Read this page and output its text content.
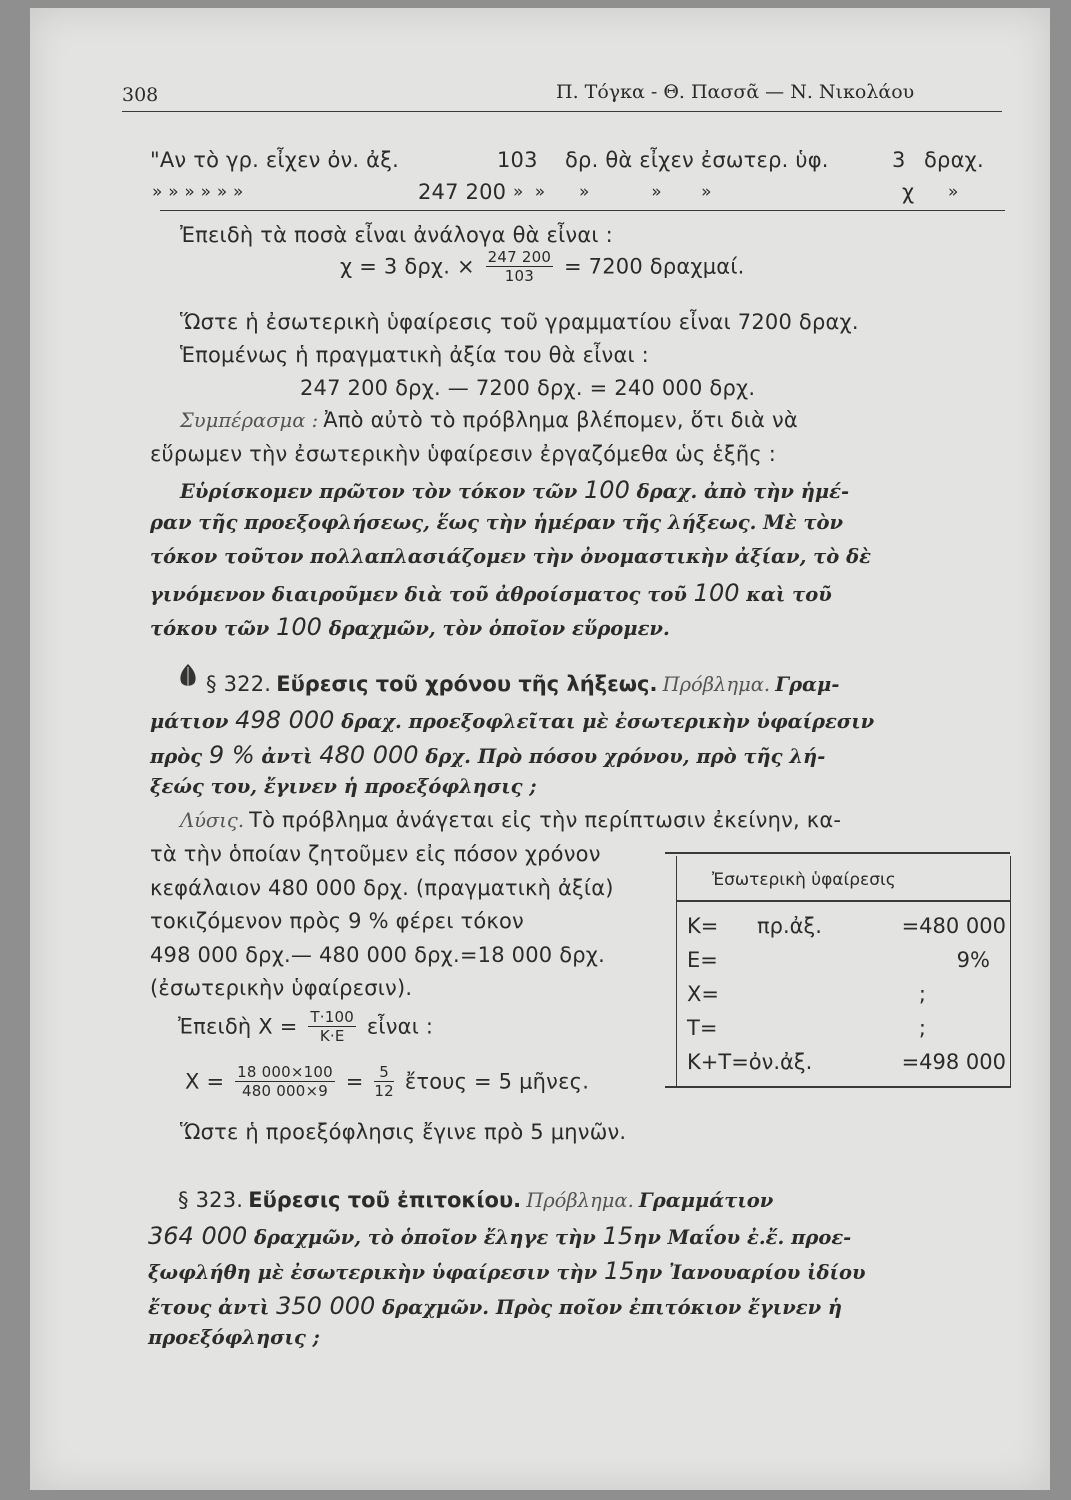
308	Π. Τόγκα - Θ. Πασσᾶ — Ν. Νικολάου
"Αν τὸ γρ. εἶχεν ὀν. ἀξ.	103 δρ. θὰ εἶχεν ἐσωτερ. ὑφ.	3 δραχ.
» » » » » »	247 200 »  »      »           »       »	χ »
Ἐπειδὴ τὰ ποσὰ εἶναι ἀνάλογα θὰ εἶναι :
χ = 3 δρχ. × $\frac{247 200}{103} = 7200$ δραχμαί.
Ὥστε ἡ ἐσωτερικὴ ὑφαίρεσις τοῦ γραμματίου εἶναι 7200 δραχ.
Ἑπομένως ἡ πραγματικὴ ἀξία του θὰ εἶναι :
247 200 δρχ. — 7200 δρχ. = 240 000 δρχ.
Συμπέρασμα : Ἀπὸ αὐτὸ τὸ πρόβλημα βλέπομεν, ὅτι διὰ νὰ
εὕρωμεν τὴν ἐσωτερικὴν ὑφαίρεσιν ἐργαζόμεθα ὡς ἑξῆς :
Εὑρίσκομεν πρῶτον τὸν τόκον τῶν 100 δραχ. ἀπὸ τὴν ἡμέ-
ραν τῆς προεξοφλήσεως, ἕως τὴν ἡμέραν τῆς λήξεως. Μὲ τὸν
τόκον τοῦτον πολλαπλασιάζομεν τὴν ὀνομαστικὴν ἀξίαν, τὸ δὲ
γινόμενον διαιροῦμεν διὰ τοῦ ἀθροίσματος τοῦ 100 καὶ τοῦ
τόκου τῶν 100 δραχμῶν, τὸν ὁποῖον εὕρομεν.
§ 322. Εὕρεσις τοῦ χρόνου τῆς λήξεως. Πρόβλημα. Γραμ-
μάτιον 498 000 δραχ. προεξοφλεῖται μὲ ἐσωτερικὴν ὑφαίρεσιν
πρὸς 9 % ἀντὶ 480 000 δρχ. Πρὸ πόσου χρόνου, πρὸ τῆς λή-
ξεώς του, ἔγινεν ἡ προεξόφλησις ;
Λύσις. Τὸ πρόβλημα ἀνάγεται εἰς τὴν περίπτωσιν ἐκείνην, κα-
τὰ τὴν ὁποίαν ζητοῦμεν εἰς πόσον χρόνον
κεφάλαιον 480 000 δρχ. (πραγματικὴ ἀξία)
τοκιζόμενον πρὸς 9 % φέρει τόκον
498 000 δρχ.— 480 000 δρχ.=18 000 δρχ.
(ἐσωτερικὴν ὑφαίρεσιν).
Ἐπειδὴ $X = \frac{T\cdot 100}{K\cdot E}$ εἶναι :
$X = \frac{18 000\times 100}{480 000\times 9} = \frac{5}{12}$ ἔτους = 5 μῆνες.
Ὥστε ἡ προεξόφλησις ἔγινε πρὸ 5 μηνῶν.
Ἐσωτερικὴ ὑφαίρεσις
Κ= πρ.ἀξ.	=480 000
Ε=	9%
Χ=	;
Τ=	;
Κ+Τ=ὀν.ἀξ.	=498 000
§ 323. Εὕρεσις τοῦ ἐπιτοκίου. Πρόβλημα. Γραμμάτιον
364 000 δραχμῶν, τὸ ὁποῖον ἔληγε τὴν 15ην Μαΐου ἐ.ἔ. προε-
ξωφλήθη μὲ ἐσωτερικὴν ὑφαίρεσιν τὴν 15ην Ἰανουαρίου ἰδίου
ἔτους ἀντὶ 350 000 δραχμῶν. Πρὸς ποῖον ἐπιτόκιον ἔγινεν ἡ
προεξόφλησις ;
